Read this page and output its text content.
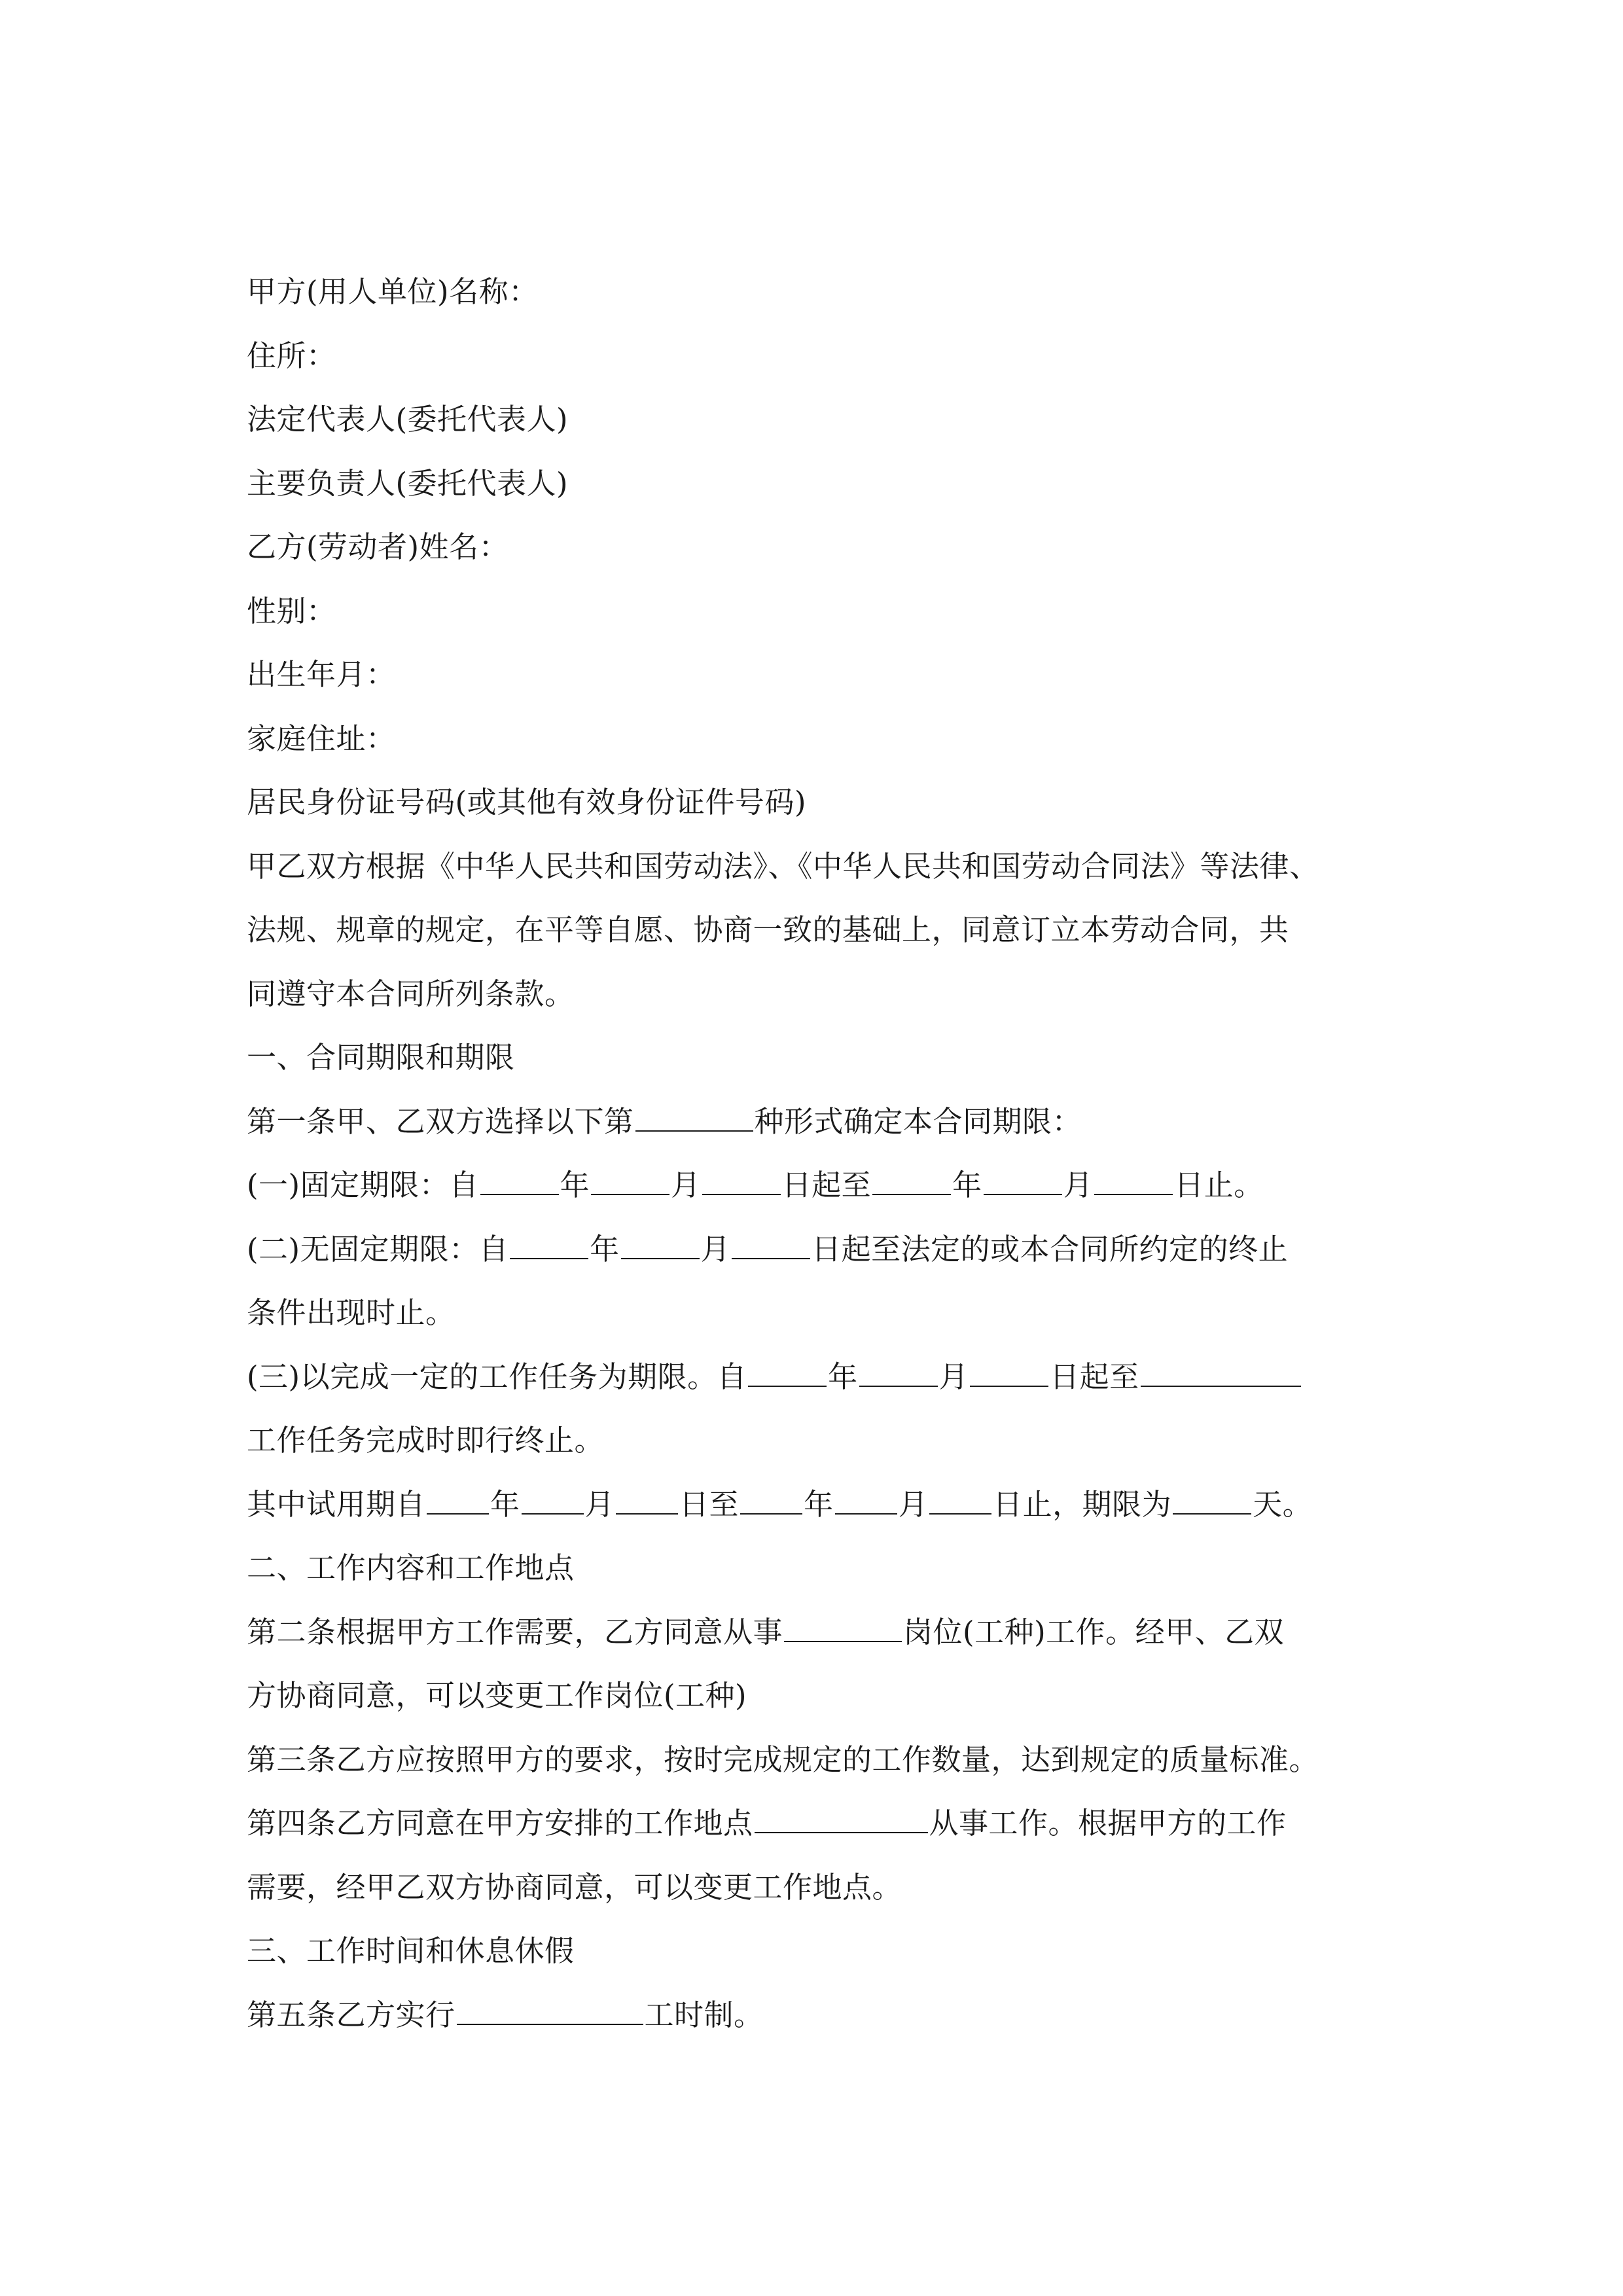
甲方(用人单位)名称：
住所：
法定代表人(委托代表人)
主要负责人(委托代表人)
乙方(劳动者)姓名：
性别：
出生年月：
家庭住址：
居民身份证号码(或其他有效身份证件号码)
甲乙双方根据《中华人民共和国劳动法》、《中华人民共和国劳动合同法》等法律、
法规、规章的规定，在平等自愿、协商一致的基础上，同意订立本劳动合同，共
同遵守本合同所列条款。
一、合同期限和期限
第一条甲、乙双方选择以下第	种形式确定本合同期限：
(一)固定期限：自	年	月	日起至	年	月	日止。
(二)无固定期限：自	年	月	日起至法定的或本合同所约定的终止
条件出现时止。
(三)以完成一定的工作任务为期限。自	年	月	日起至
工作任务完成时即行终止。
其中试用期自 年 月 日至 年 月 日止，期限为	天。
二、工作内容和工作地点
第二条根据甲方工作需要，乙方同意从事	岗位(工种)工作。经甲、乙双
方协商同意，可以变更工作岗位(工种)
第三条乙方应按照甲方的要求，按时完成规定的工作数量，达到规定的质量标准。
第四条乙方同意在甲方安排的工作地点	从事工作。根据甲方的工作
需要，经甲乙双方协商同意，可以变更工作地点。
三、工作时间和休息休假
第五条乙方实行	工时制。
